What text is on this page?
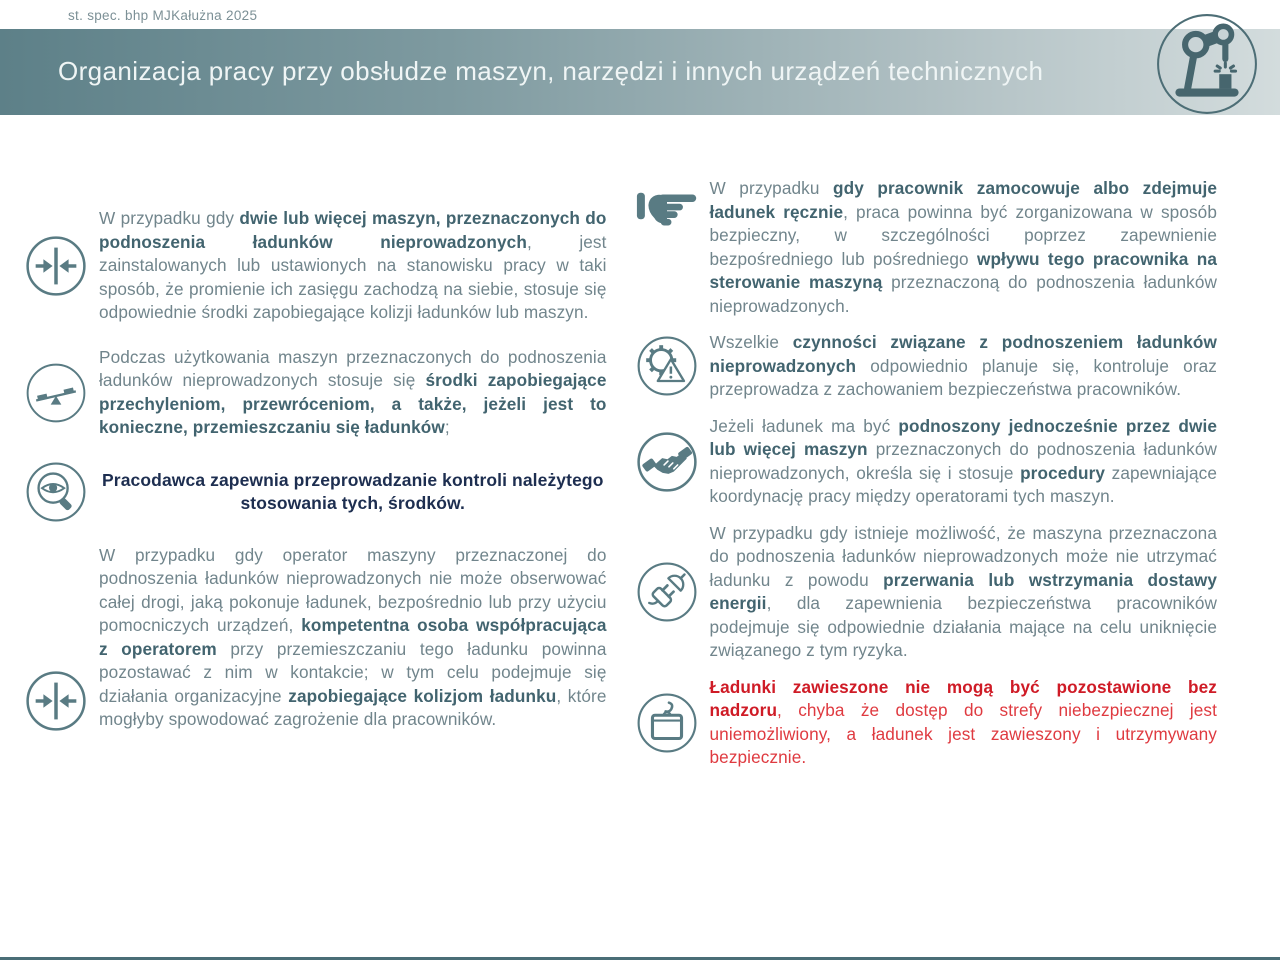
st. spec. bhp MJKałużna 2025
Organizacja pracy przy obsłudze maszyn, narzędzi i innych urządzeń technicznych

W przypadku gdy dwie lub więcej maszyn, przeznaczonych do podnoszenia ładunków nieprowadzonych, jest zainstalowanych lub ustawionych na stanowisku pracy w taki sposób, że promienie ich zasięgu zachodzą na siebie, stosuje się odpowiednie środki zapobiegające kolizji ładunków lub maszyn.

Podczas użytkowania maszyn przeznaczonych do podnoszenia ładunków nieprowadzonych stosuje się środki zapobiegające przechyleniom, przewróceniom, a także, jeżeli jest to konieczne, przemieszczaniu się ładunków;

Pracodawca zapewnia przeprowadzanie kontroli należytego stosowania tych, środków.

W przypadku gdy operator maszyny przeznaczonej do podnoszenia ładunków nieprowadzonych nie może obserwować całej drogi, jaką pokonuje ładunek, bezpośrednio lub przy użyciu pomocniczych urządzeń, kompetentna osoba współpracująca z operatorem przy przemieszczaniu tego ładunku powinna pozostawać z nim w kontakcie; w tym celu podejmuje się działania organizacyjne zapobiegające kolizjom ładunku, które mogłyby spowodować zagrożenie dla pracowników.

W przypadku gdy pracownik zamocowuje albo zdejmuje ładunek ręcznie, praca powinna być zorganizowana w sposób bezpieczny, w szczególności poprzez zapewnienie bezpośredniego lub pośredniego wpływu tego pracownika na sterowanie maszyną przeznaczoną do podnoszenia ładunków nieprowadzonych.

Wszelkie czynności związane z podnoszeniem ładunków nieprowadzonych odpowiednio planuje się, kontroluje oraz przeprowadza z zachowaniem bezpieczeństwa pracowników.

Jeżeli ładunek ma być podnoszony jednocześnie przez dwie lub więcej maszyn przeznaczonych do podnoszenia ładunków nieprowadzonych, określa się i stosuje procedury zapewniające koordynację pracy między operatorami tych maszyn.

W przypadku gdy istnieje możliwość, że maszyna przeznaczona do podnoszenia ładunków nieprowadzonych może nie utrzymać ładunku z powodu przerwania lub wstrzymania dostawy energii, dla zapewnienia bezpieczeństwa pracowników podejmuje się odpowiednie działania mające na celu uniknięcie związanego z tym ryzyka.

Ładunki zawieszone nie mogą być pozostawione bez nadzoru, chyba że dostęp do strefy niebezpiecznej jest uniemożliwiony, a ładunek jest zawieszony i utrzymywany bezpiecznie.
